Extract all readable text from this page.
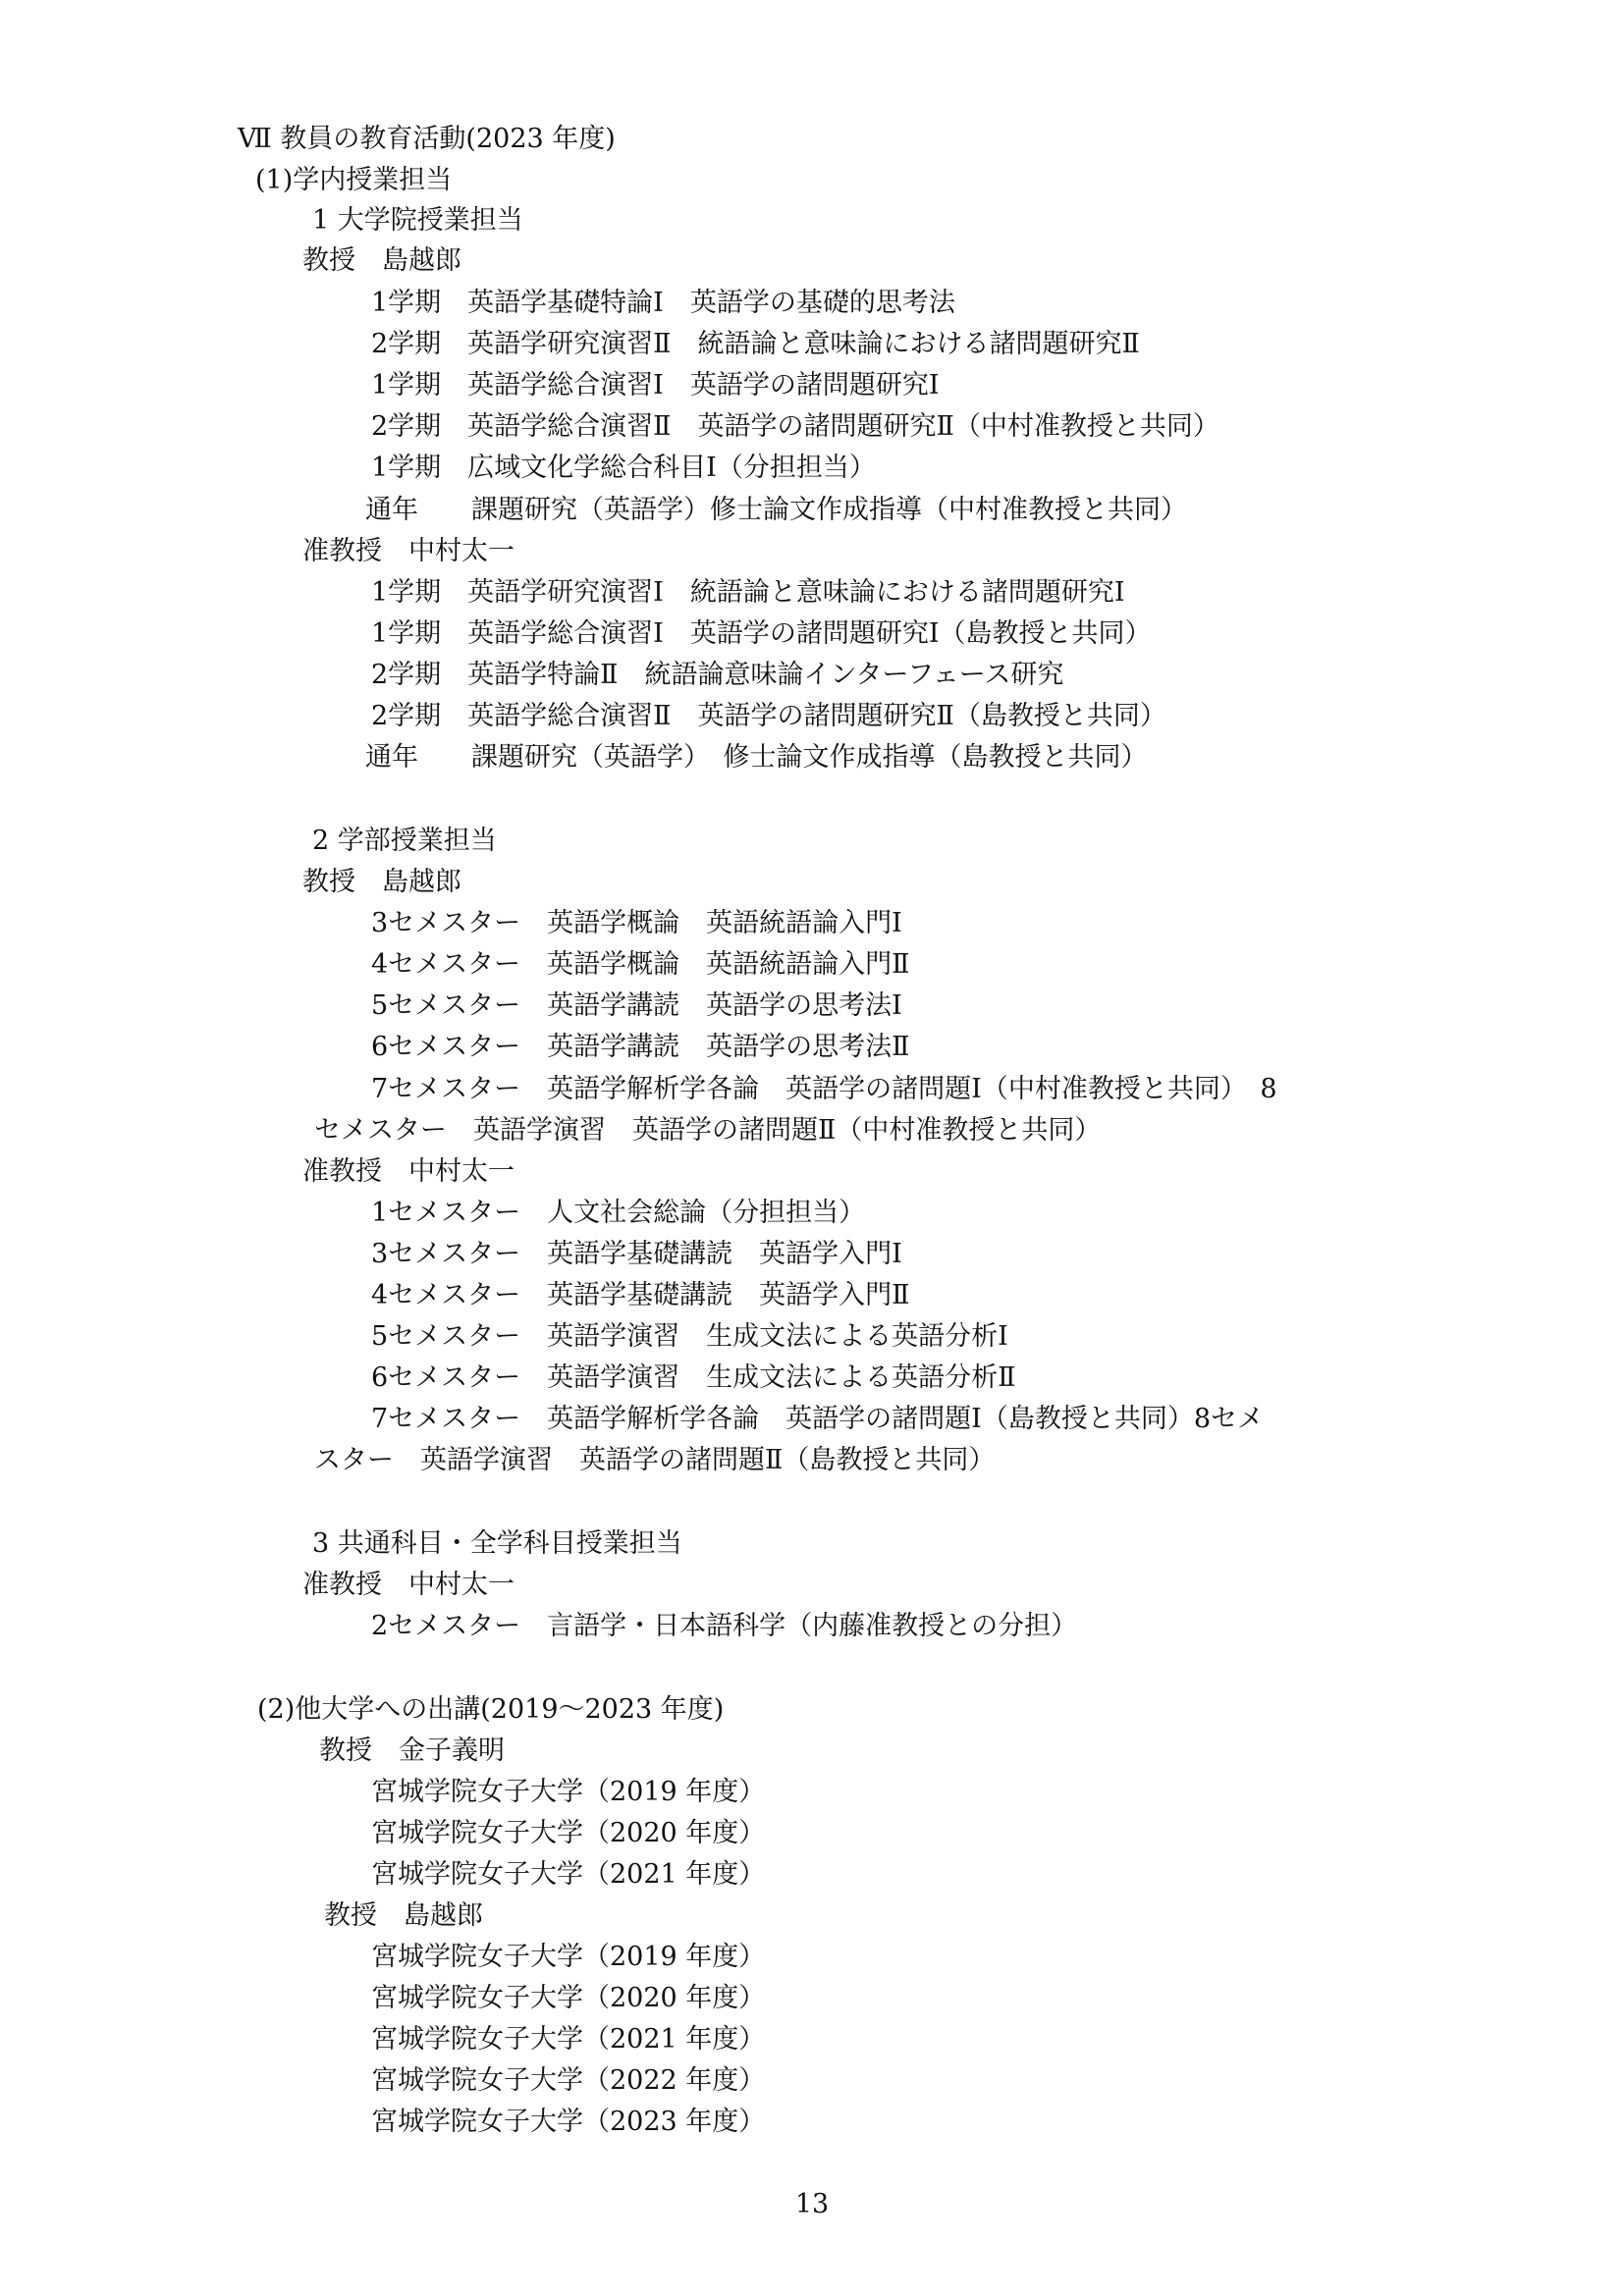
Ⅶ 教員の教育活動(2023 年度)
(1)学内授業担当
1 大学院授業担当
教授　島越郎
1学期　英語学基礎特論Ⅰ　英語学の基礎的思考法
2学期　英語学研究演習Ⅱ　統語論と意味論における諸問題研究Ⅱ
1学期　英語学総合演習Ⅰ　英語学の諸問題研究Ⅰ
2学期　英語学総合演習Ⅱ　英語学の諸問題研究Ⅱ（中村准教授と共同）
1学期　広域文化学総合科目Ⅰ（分担担当）
通年　　課題研究（英語学）修士論文作成指導（中村准教授と共同）
准教授　中村太一
1学期　英語学研究演習Ⅰ　統語論と意味論における諸問題研究Ⅰ
1学期　英語学総合演習Ⅰ　英語学の諸問題研究Ⅰ（島教授と共同）
2学期　英語学特論Ⅱ　統語論意味論インターフェース研究
2学期　英語学総合演習Ⅱ　英語学の諸問題研究Ⅱ（島教授と共同）
通年　　課題研究（英語学）　修士論文作成指導（島教授と共同）
2 学部授業担当
教授　島越郎
3セメスター　英語学概論　英語統語論入門Ⅰ
4セメスター　英語学概論　英語統語論入門Ⅱ
5セメスター　英語学講読　英語学の思考法Ⅰ
6セメスター　英語学講読　英語学の思考法Ⅱ
7セメスター　英語学解析学各論　英語学の諸問題Ⅰ（中村准教授と共同）　8
セメスター　英語学演習　英語学の諸問題Ⅱ（中村准教授と共同）
准教授　中村太一
1セメスター　人文社会総論（分担担当）
3セメスター　英語学基礎講読　英語学入門Ⅰ
4セメスター　英語学基礎講読　英語学入門Ⅱ
5セメスター　英語学演習　生成文法による英語分析Ⅰ
6セメスター　英語学演習　生成文法による英語分析Ⅱ
7セメスター　英語学解析学各論　英語学の諸問題Ⅰ（島教授と共同）8セメ
スター　英語学演習　英語学の諸問題Ⅱ（島教授と共同）
3 共通科目・全学科目授業担当
准教授　中村太一
2セメスター　言語学・日本語科学（内藤准教授との分担）
(2)他大学への出講(2019～2023 年度)
教授　金子義明
宮城学院女子大学（2019 年度）
宮城学院女子大学（2020 年度）
宮城学院女子大学（2021 年度）
教授　島越郎
宮城学院女子大学（2019 年度）
宮城学院女子大学（2020 年度）
宮城学院女子大学（2021 年度）
宮城学院女子大学（2022 年度）
宮城学院女子大学（2023 年度）
13
